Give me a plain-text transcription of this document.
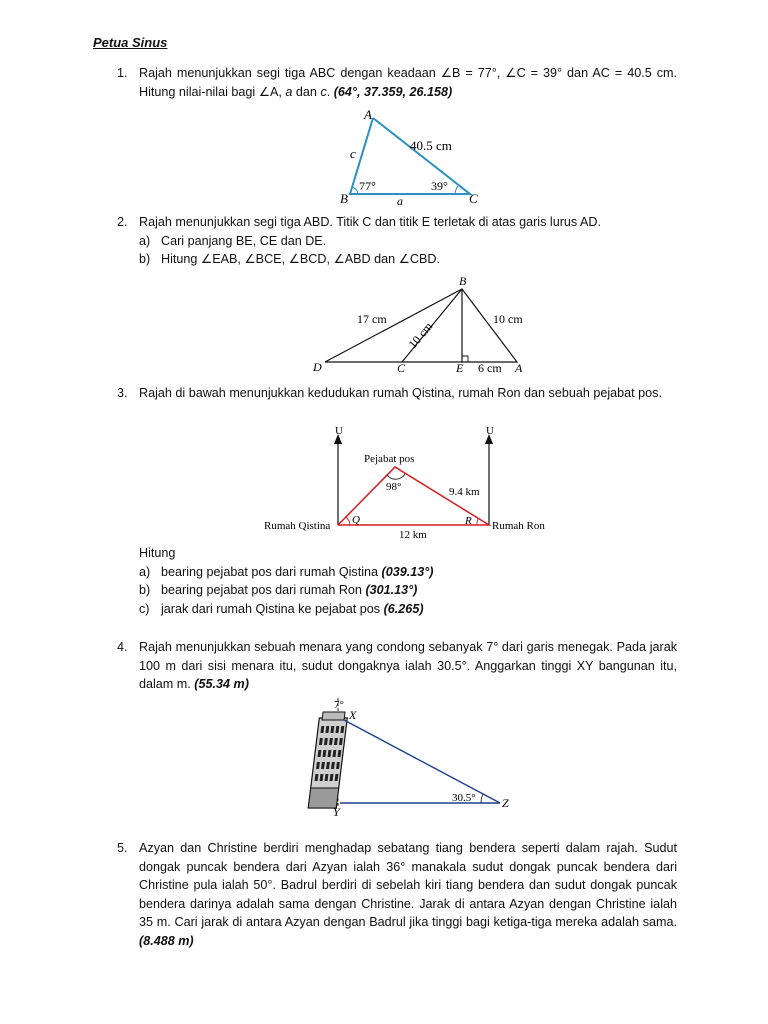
Petua Sinus
1. Rajah menunjukkan segi tiga ABC dengan keadaan ∠B = 77°, ∠C = 39° dan AC = 40.5 cm. Hitung nilai-nilai bagi ∠A, a dan c. (64°, 37.359, 26.158)
A
B	C
40.5 cm
c
a
77°	39°
2. Rajah menunjukkan segi tiga ABD. Titik C dan titik E terletak di atas garis lurus AD.
a) Cari panjang BE, CE dan DE.
b) Hitung ∠EAB, ∠BCE, ∠BCD, ∠ABD dan ∠CBD.
B
D	C	E	A
17 cm
10 cm
10 cm
6 cm
3. Rajah di bawah menunjukkan kedudukan rumah Qistina, rumah Ron dan sebuah pejabat pos.
U	U
Pejabat pos
98°	9.4 km
Q	R
Rumah Qistina	Rumah Ron
12 km
Hitung
a) bearing pejabat pos dari rumah Qistina (039.13°)
b) bearing pejabat pos dari rumah Ron (301.13°)
c) jarak dari rumah Qistina ke pejabat pos (6.265)
4. Rajah menunjukkan sebuah menara yang condong sebanyak 7° dari garis menegak. Pada jarak 100 m dari sisi menara itu, sudut dongaknya ialah 30.5°. Anggarkan tinggi XY bangunan itu, dalam m. (55.34 m)
7°
X
Y
Z
30.5°
5. Azyan dan Christine berdiri menghadap sebatang tiang bendera seperti dalam rajah. Sudut dongak puncak bendera dari Azyan ialah 36° manakala sudut dongak puncak bendera dari Christine pula ialah 50°. Badrul berdiri di sebelah kiri tiang bendera dan sudut dongak puncak bendera darinya adalah sama dengan Christine. Jarak di antara Azyan dengan Christine ialah 35 m. Cari jarak di antara Azyan dengan Badrul jika tinggi bagi ketiga-tiga mereka adalah sama. (8.488 m)
